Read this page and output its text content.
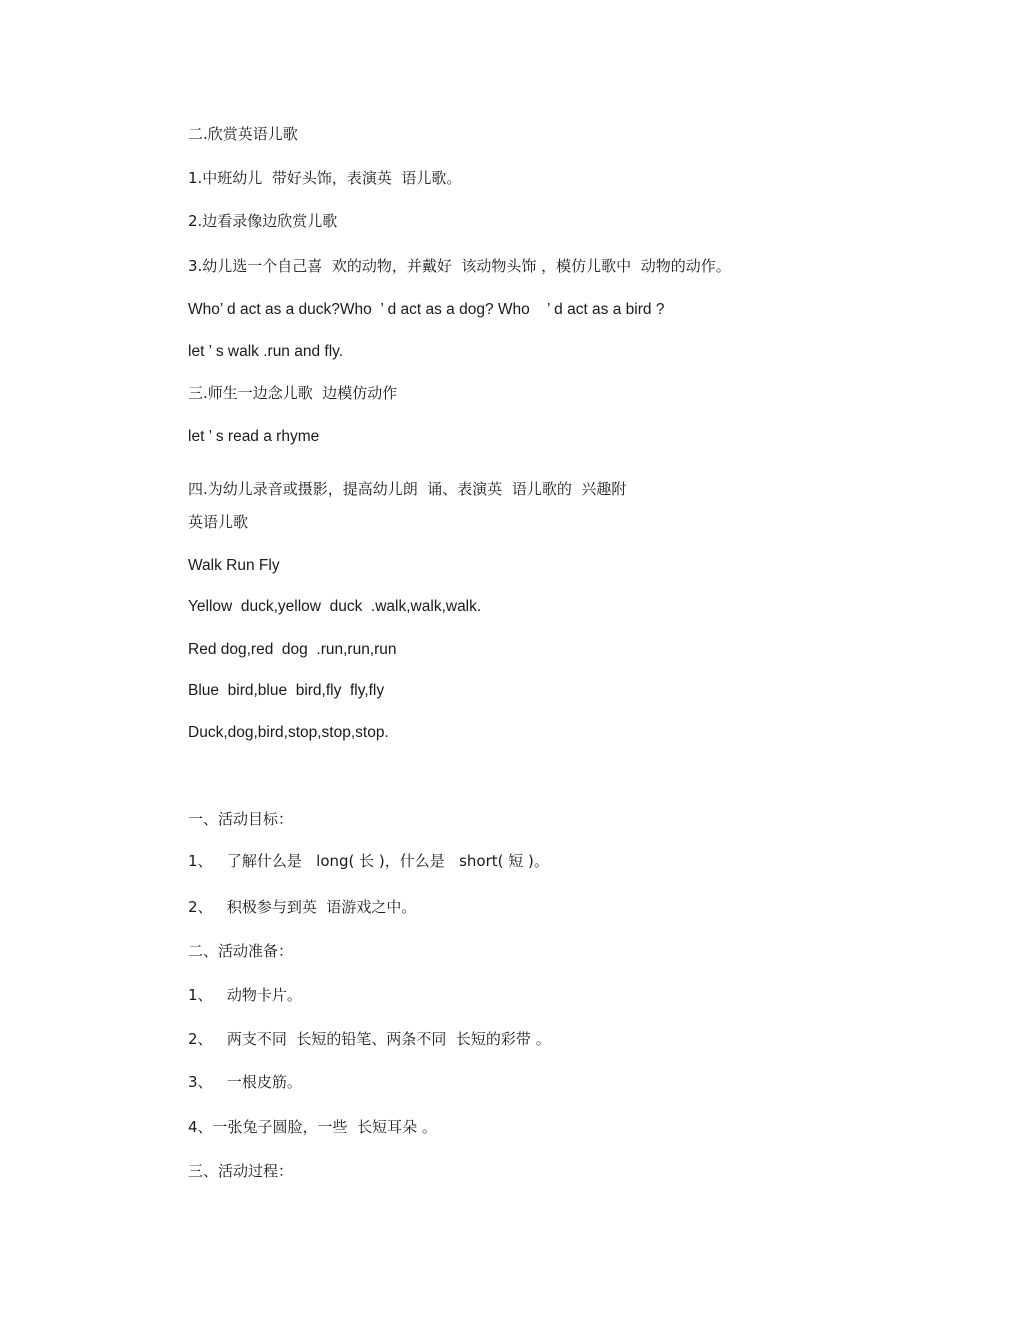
二.欣赏英语儿歌
1.中班幼儿  带好头饰，表演英  语儿歌。
2.边看录像边欣赏儿歌
3.幼儿选一个自己喜  欢的动物，并戴好  该动物头饰 ，模仿儿歌中  动物的动作。
Who’ d act as a duck?Who  ’ d act as a dog? Who    ’ d act as a bird ?
let ’ s walk .run and fly.
三.师生一边念儿歌  边模仿动作
let ’ s read a rhyme
四.为幼儿录音或摄影，提高幼儿朗  诵、表演英  语儿歌的  兴趣附
英语儿歌
Walk Run Fly
Yellow  duck,yellow  duck  .walk,walk,walk.
Red dog,red  dog  .run,run,run
Blue  bird,blue  bird,fly  fly,fly
Duck,dog,bird,stop,stop,stop.
一、活动目标：
1、   了解什么是   long( 长 )，什么是   short( 短 )。
2、   积极参与到英  语游戏之中。
二、活动准备：
1、   动物卡片。
2、   两支不同  长短的铅笔、两条不同  长短的彩带 。
3、   一根皮筋。
4、一张兔子圆脸，一些  长短耳朵 。
三、活动过程：
